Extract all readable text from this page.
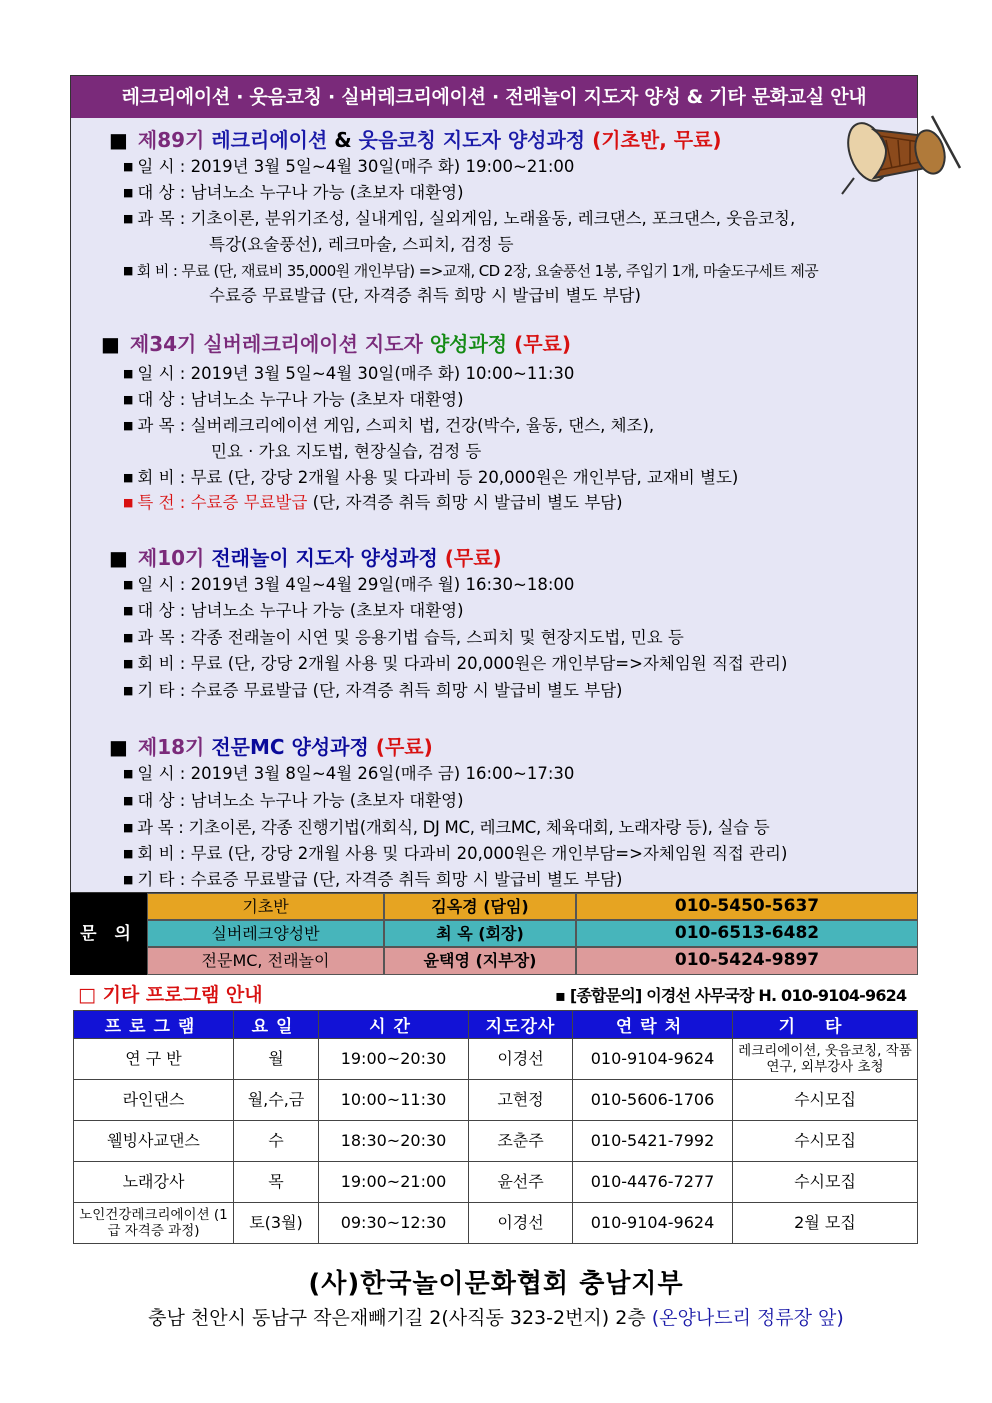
레크리에이션 · 웃음코칭 · 실버레크리에이션 · 전래놀이 지도자 양성 & 기타 문화교실 안내
■ 제89기 레크리에이션 & 웃음코칭 지도자 양성과정 (기초반, 무료)
■ 일 시 : 2019년 3월 5일~4월 30일(매주 화) 19:00~21:00
■ 대 상 : 남녀노소 누구나 가능 (초보자 대환영)
■ 과 목 : 기초이론, 분위기조성, 실내게임, 실외게임, 노래율동, 레크댄스, 포크댄스, 웃음코칭,
특강(요술풍선), 레크마술, 스피치, 검정 등
■ 회 비 : 무료 (단, 재료비 35,000원 개인부담) =>교재, CD 2장, 요술풍선 1봉, 주입기 1개, 마술도구세트 제공
수료증 무료발급 (단, 자격증 취득 희망 시 발급비 별도 부담)
■ 제34기 실버레크리에이션 지도자 양성과정 (무료)
■ 일 시 : 2019년 3월 5일~4월 30일(매주 화) 10:00~11:30
■ 대 상 : 남녀노소 누구나 가능 (초보자 대환영)
■ 과 목 : 실버레크리에이션 게임, 스피치 법, 건강(박수, 율동, 댄스, 체조),
민요 · 가요 지도법, 현장실습, 검정 등
■ 회 비 : 무료 (단, 강당 2개월 사용 및 다과비 등 20,000원은 개인부담, 교재비 별도)
■ 특 전 : 수료증 무료발급 (단, 자격증 취득 희망 시 발급비 별도 부담)
■ 제10기 전래놀이 지도자 양성과정 (무료)
■ 일 시 : 2019년 3월 4일~4월 29일(매주 월) 16:30~18:00
■ 대 상 : 남녀노소 누구나 가능 (초보자 대환영)
■ 과 목 : 각종 전래놀이 시연 및 응용기법 습득, 스피치 및 현장지도법, 민요 등
■ 회 비 : 무료 (단, 강당 2개월 사용 및 다과비 20,000원은 개인부담=>자체임원 직접 관리)
■ 기 타 : 수료증 무료발급 (단, 자격증 취득 희망 시 발급비 별도 부담)
■ 제18기 전문MC 양성과정 (무료)
■ 일 시 : 2019년 3월 8일~4월 26일(매주 금) 16:00~17:30
■ 대 상 : 남녀노소 누구나 가능 (초보자 대환영)
■ 과 목 : 기초이론, 각종 진행기법(개회식, DJ MC, 레크MC, 체육대회, 노래자랑 등), 실습 등
■ 회 비 : 무료 (단, 강당 2개월 사용 및 다과비 20,000원은 개인부담=>자체임원 직접 관리)
■ 기 타 : 수료증 무료발급 (단, 자격증 취득 희망 시 발급비 별도 부담)
문 의
기초반	김옥경 (담임)	010-5450-5637
실버레크양성반	최 옥 (회장)	010-6513-6482
전문MC, 전래놀이	윤택영 (지부장)	010-5424-9897
□ 기타 프로그램 안내	▪ [종합문의] 이경선 사무국장 H. 010-9104-9624
프로그램	요일	시간	지도강사	연락처	기타
연 구 반	월	19:00~20:30	이경선	010-9104-9624	레크리에이션, 웃음코칭, 작품연구, 외부강사 초청
라인댄스	월,수,금	10:00~11:30	고현정	010-5606-1706	수시모집
웰빙사교댄스	수	18:30~20:30	조춘주	010-5421-7992	수시모집
노래강사	목	19:00~21:00	윤선주	010-4476-7277	수시모집
노인건강레크리에이션 (1급 자격증 과정)	토(3월)	09:30~12:30	이경선	010-9104-9624	2월 모집
(사)한국놀이문화협회 충남지부
충남 천안시 동남구 작은재빼기길 2(사직동 323-2번지) 2층 (온양나드리 정류장 앞)
